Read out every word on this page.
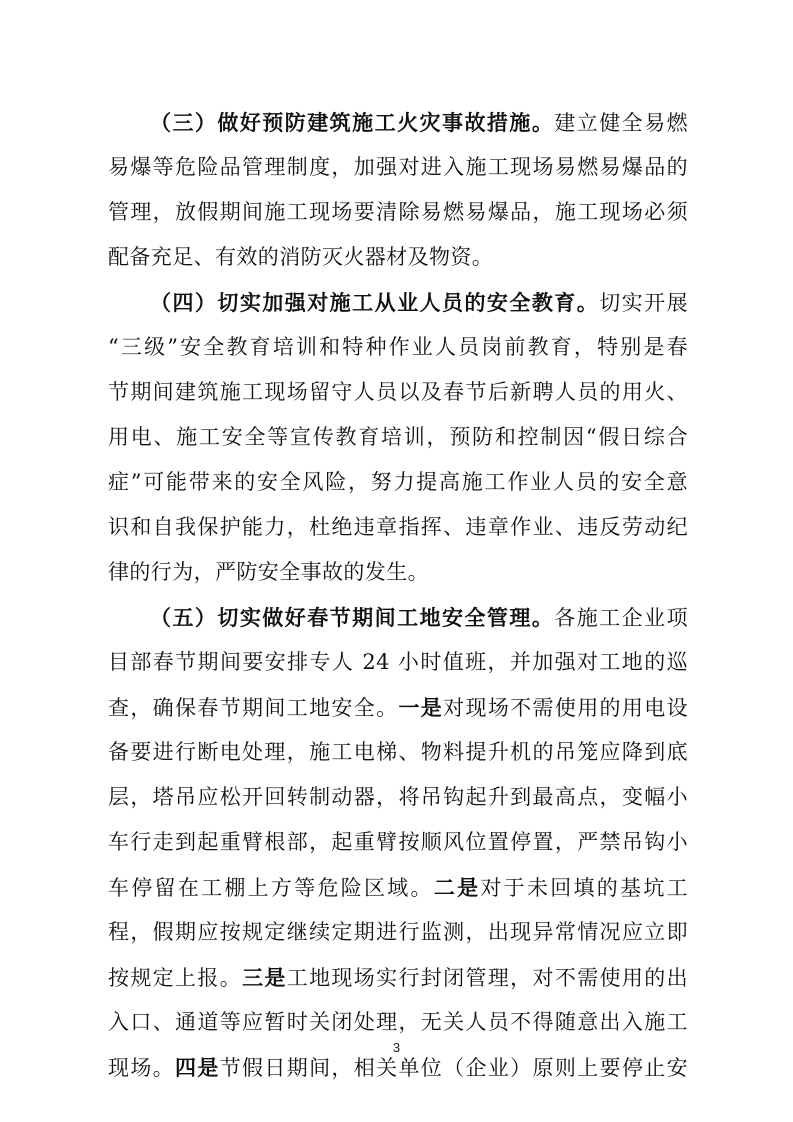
（三）做好预防建筑施工火灾事故措施。建立健全易燃
易爆等危险品管理制度，加强对进入施工现场易燃易爆品的
管理，放假期间施工现场要清除易燃易爆品，施工现场必须
配备充足、有效的消防灭火器材及物资。
（四）切实加强对施工从业人员的安全教育。切实开展
“三级”安全教育培训和特种作业人员岗前教育，特别是春
节期间建筑施工现场留守人员以及春节后新聘人员的用火、
用电、施工安全等宣传教育培训，预防和控制因“假日综合
症”可能带来的安全风险，努力提高施工作业人员的安全意
识和自我保护能力，杜绝违章指挥、违章作业、违反劳动纪
律的行为，严防安全事故的发生。
（五）切实做好春节期间工地安全管理。各施工企业项
目部春节期间要安排专人 24 小时值班，并加强对工地的巡
查，确保春节期间工地安全。一是对现场不需使用的用电设
备要进行断电处理，施工电梯、物料提升机的吊笼应降到底
层，塔吊应松开回转制动器，将吊钩起升到最高点，变幅小
车行走到起重臂根部，起重臂按顺风位置停置，严禁吊钩小
车停留在工棚上方等危险区域。二是对于未回填的基坑工
程，假期应按规定继续定期进行监测，出现异常情况应立即
按规定上报。三是工地现场实行封闭管理，对不需使用的出
入口、通道等应暂时关闭处理，无关人员不得随意出入施工
现场。四是节假日期间，相关单位（企业）原则上要停止安
3
